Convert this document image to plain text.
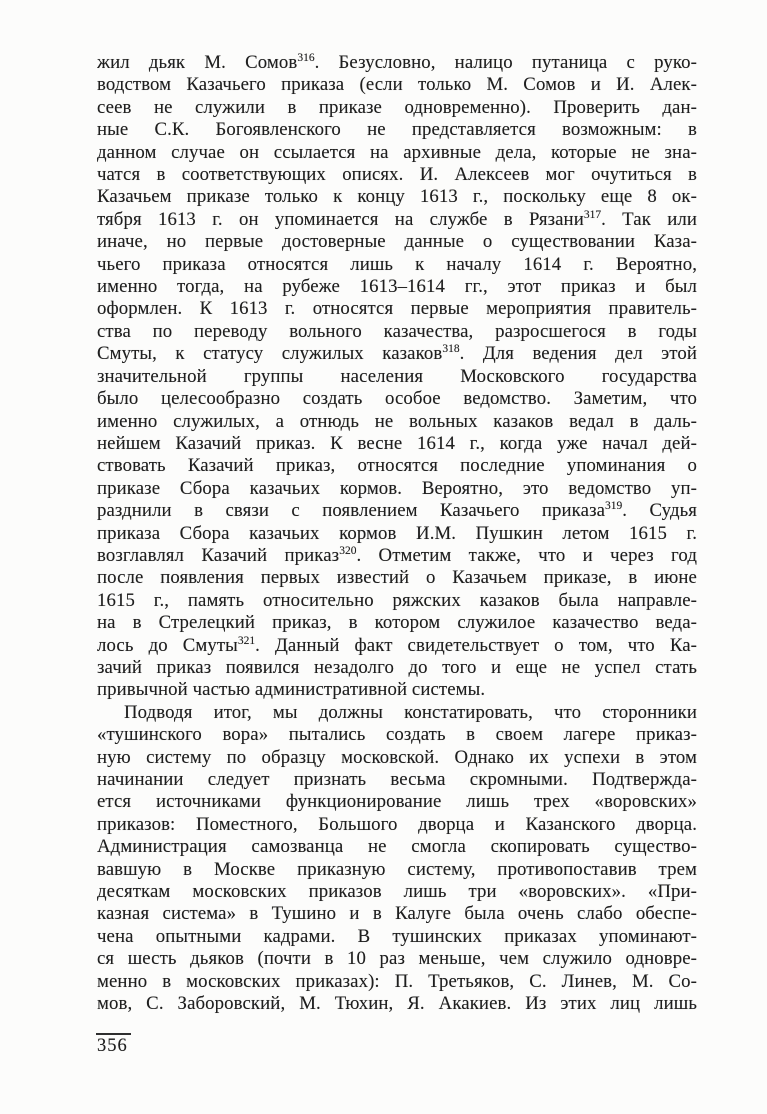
жил дьяк М. Сомов$^{316}$. Безусловно, налицо путаница с руко-
водством Казачьего приказа (если только М. Сомов и И. Алек-
сеев не служили в приказе одновременно). Проверить дан-
ные С.К. Богоявленского не представляется возможным: в
данном случае он ссылается на архивные дела, которые не зна-
чатся в соответствующих описях. И. Алексеев мог очутиться в
Казачьем приказе только к концу 1613 г., поскольку еще 8 ок-
тября 1613 г. он упоминается на службе в Рязани$^{317}$. Так или
иначе, но первые достоверные данные о существовании Каза-
чьего приказа относятся лишь к началу 1614 г. Вероятно,
именно тогда, на рубеже 1613–1614 гг., этот приказ и был
оформлен. К 1613 г. относятся первые мероприятия правитель-
ства по переводу вольного казачества, разросшегося в годы
Смуты, к статусу служилых казаков$^{318}$. Для ведения дел этой
значительной группы населения Московского государства
было целесообразно создать особое ведомство. Заметим, что
именно служилых, а отнюдь не вольных казаков ведал в даль-
нейшем Казачий приказ. К весне 1614 г., когда уже начал дей-
ствовать Казачий приказ, относятся последние упоминания о
приказе Сбора казачьих кормов. Вероятно, это ведомство уп-
разднили в связи с появлением Казачьего приказа$^{319}$. Судья
приказа Сбора казачьих кормов И.М. Пушкин летом 1615 г.
возглавлял Казачий приказ$^{320}$. Отметим также, что и через год
после появления первых известий о Казачьем приказе, в июне
1615 г., память относительно ряжских казаков была направле-
на в Стрелецкий приказ, в котором служилое казачество веда-
лось до Смуты$^{321}$. Данный факт свидетельствует о том, что Ка-
зачий приказ появился незадолго до того и еще не успел стать
привычной частью административной системы.
Подводя итог, мы должны констатировать, что сторонники
«тушинского вора» пытались создать в своем лагере приказ-
ную систему по образцу московской. Однако их успехи в этом
начинании следует признать весьма скромными. Подтвержда-
ется источниками функционирование лишь трех «воровских»
приказов: Поместного, Большого дворца и Казанского дворца.
Администрация самозванца не смогла скопировать существо-
вавшую в Москве приказную систему, противопоставив трем
десяткам московских приказов лишь три «воровских». «При-
казная система» в Тушино и в Калуге была очень слабо обеспе-
чена опытными кадрами. В тушинских приказах упоминают-
ся шесть дьяков (почти в 10 раз меньше, чем служило одновре-
менно в московских приказах): П. Третьяков, С. Линев, М. Со-
мов, С. Заборовский, М. Тюхин, Я. Акакиев. Из этих лиц лишь
356
